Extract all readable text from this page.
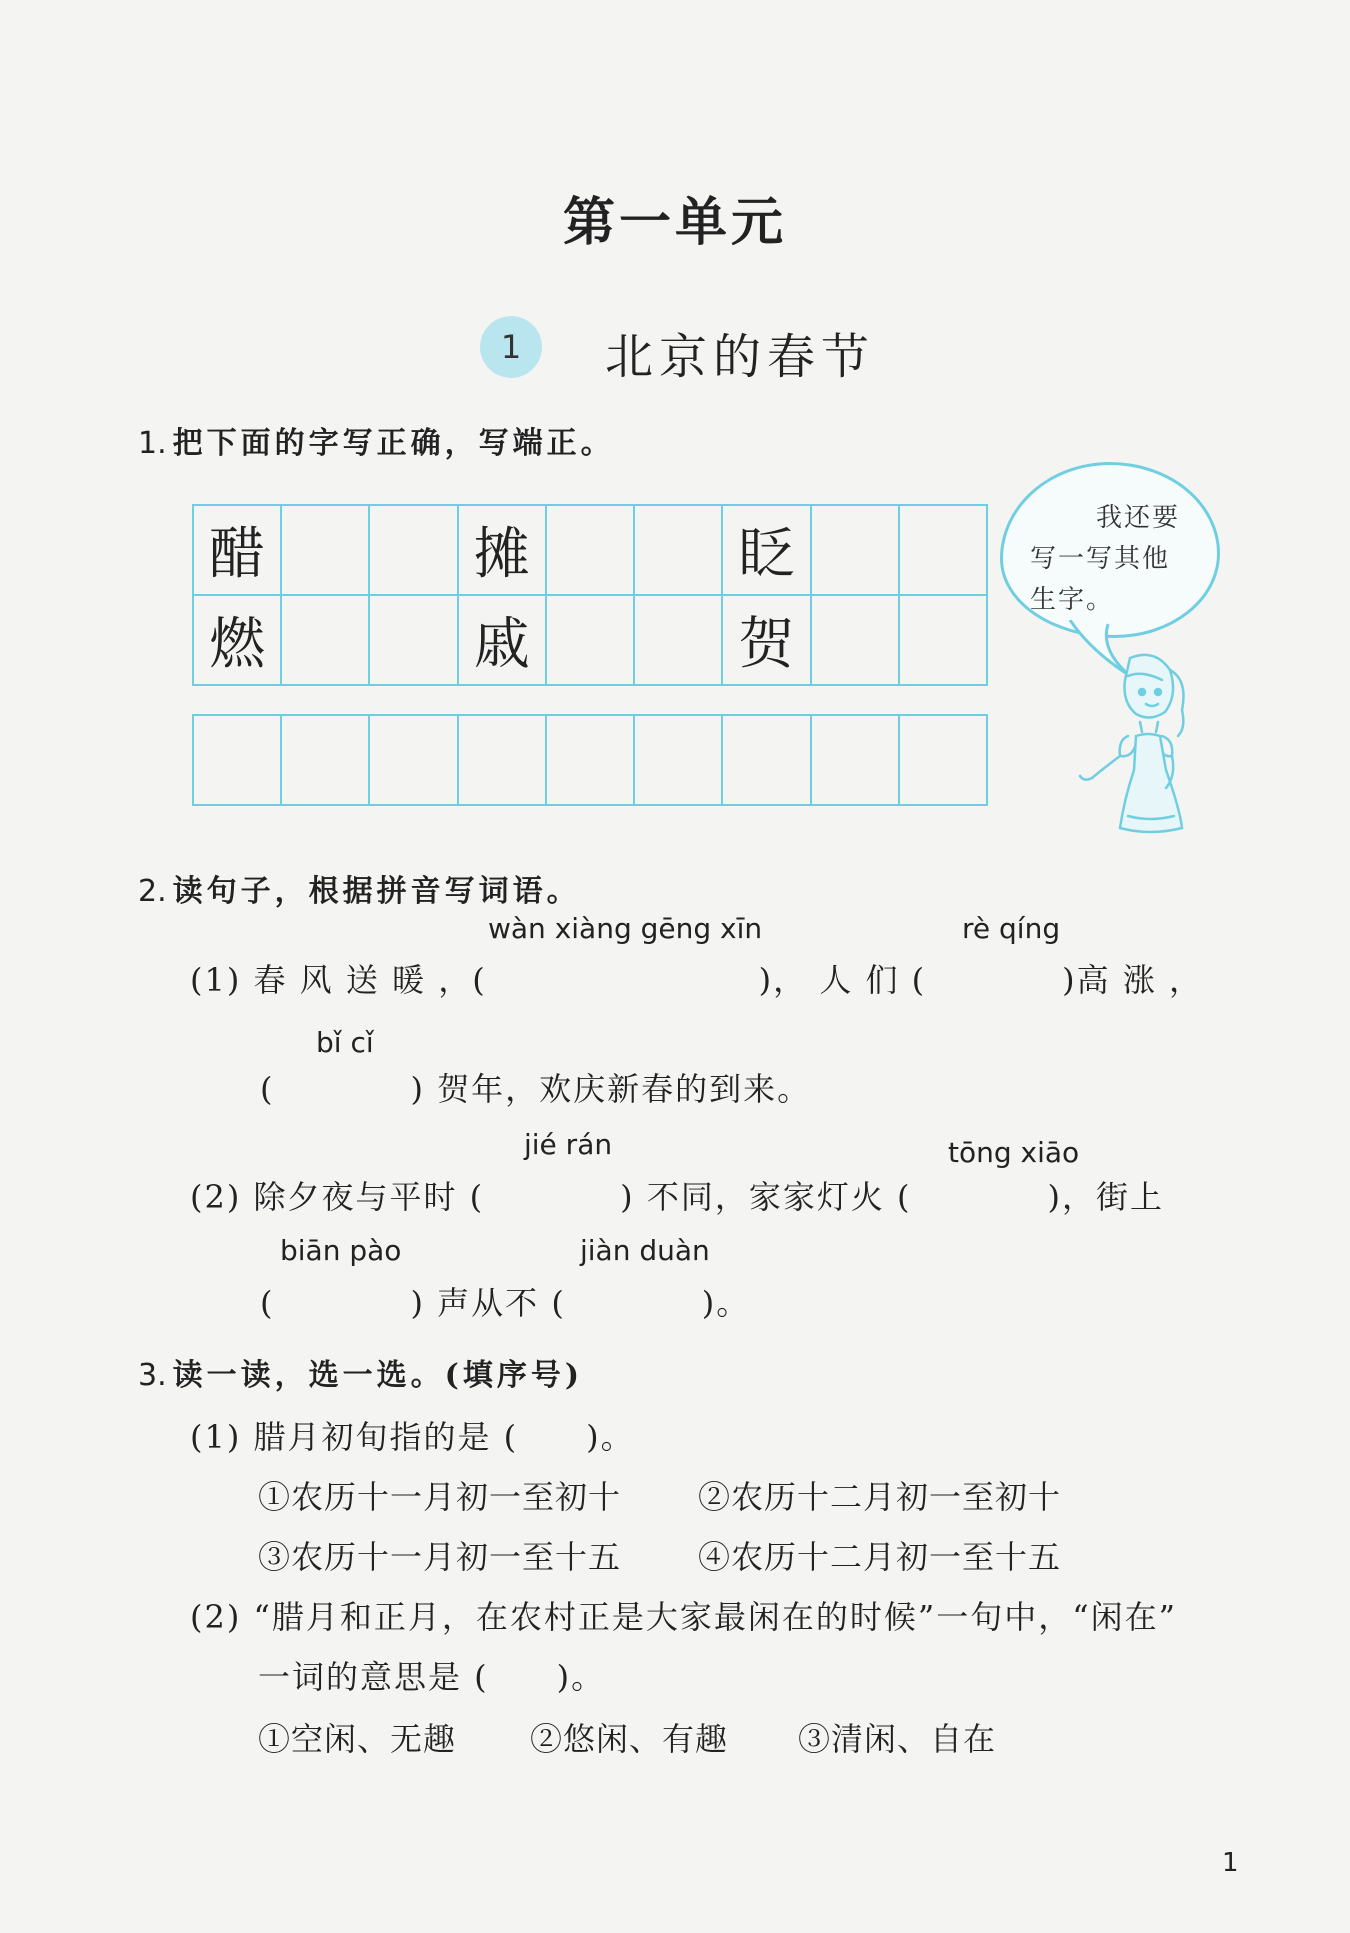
第一单元
1	北京的春节
1. 把下面的字写正确，写端正。
醋	摊	眨
燃	戚	贺
我还要
写一写其他
生字。
2. 读句子，根据拼音写词语。
wàn xiàng gēng xīn	rè qíng
(1) 春 风 送 暖 ，(　　　　　　　　)， 人 们 (　　　　)高 涨 ，
bǐ cǐ
(　　　　) 贺年，欢庆新春的到来。
jié rán	tōng xiāo
(2) 除夕夜与平时 (　　　　) 不同，家家灯火 (　　　　)，街上
biān pào	jiàn duàn
(　　　　) 声从不 (　　　　)。
3. 读一读，选一选。(填序号)
(1) 腊月初旬指的是 (　　)。
①农历十一月初一至初十 ②农历十二月初一至初十
③农历十一月初一至十五 ④农历十二月初一至十五
(2) “腊月和正月，在农村正是大家最闲在的时候”一句中，“闲在”
一词的意思是 (　　)。
①空闲、无趣 ②悠闲、有趣 ③清闲、自在
1
